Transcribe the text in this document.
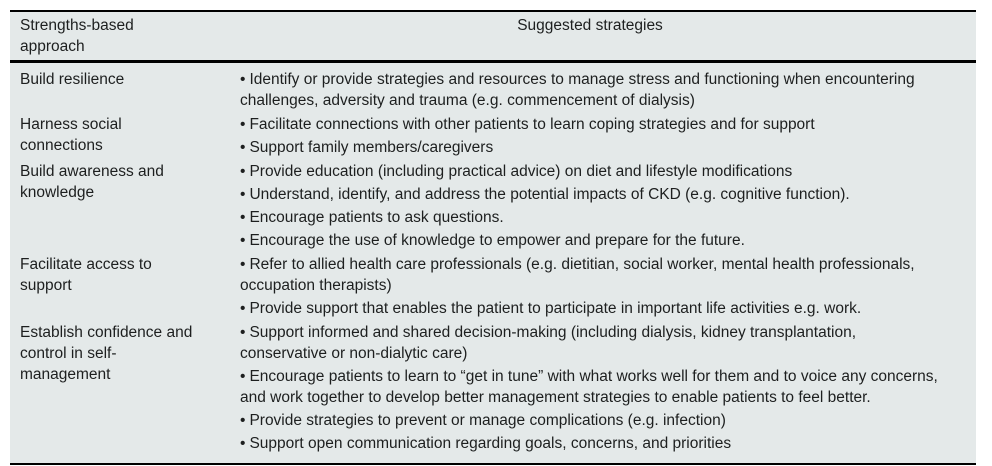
Strengths-based approach
Suggested strategies
Build resilience	• Identify or provide strategies and resources to manage stress and functioning when encountering challenges, adversity and trauma (e.g. commencement of dialysis)

Harness social connections

• Facilitate connections with other patients to learn coping strategies and for support

• Support family members/caregivers

Build awareness and knowledge

• Provide education (including practical advice) on diet and lifestyle modifications

• Understand, identify, and address the potential impacts of CKD (e.g. cognitive function).

• Encourage patients to ask questions.

• Encourage the use of knowledge to empower and prepare for the future.

Facilitate access to support

• Refer to allied health care professionals (e.g. dietitian, social worker, mental health professionals, occupation therapists)

• Provide support that enables the patient to participate in important life activities e.g. work.

Establish confidence and control in self-management

• Support informed and shared decision-making (including dialysis, kidney transplantation, conservative or non-dialytic care)

• Encourage patients to learn to “get in tune” with what works well for them and to voice any concerns, and work together to develop better management strategies to enable patients to feel better.

• Provide strategies to prevent or manage complications (e.g. infection)

• Support open communication regarding goals, concerns, and priorities
